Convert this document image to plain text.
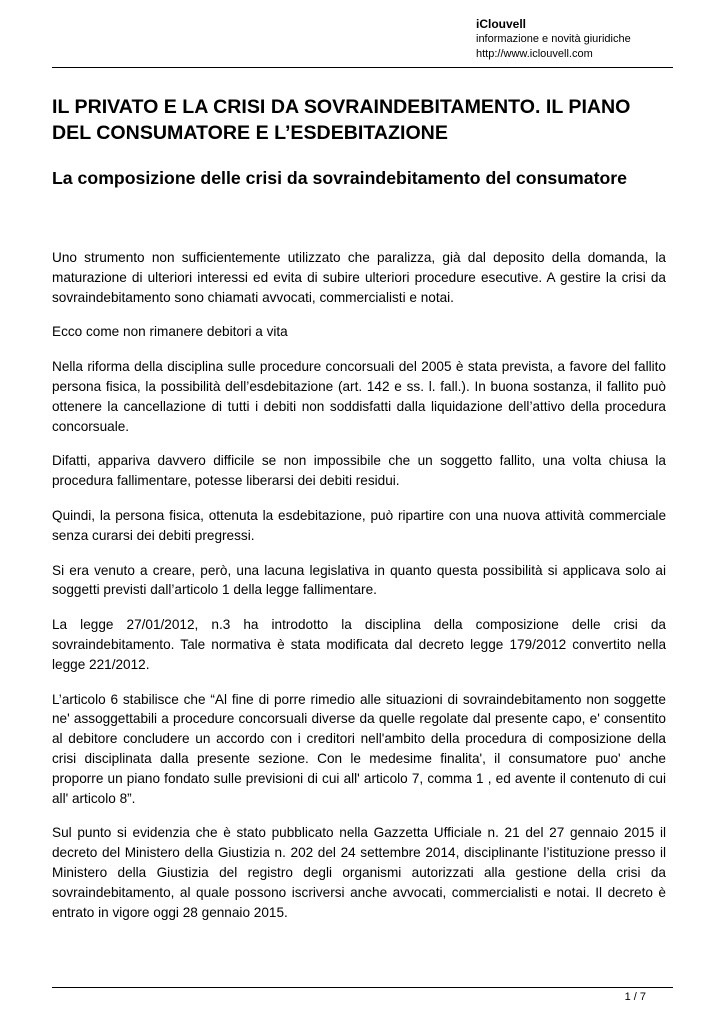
iClouvell
informazione e novità giuridiche
http://www.iclouvell.com
IL PRIVATO E LA CRISI DA SOVRAINDEBITAMENTO. IL PIANO DEL CONSUMATORE E L’ESDEBITAZIONE
La composizione delle crisi da sovraindebitamento del consumatore

Uno strumento non sufficientemente utilizzato che paralizza, già dal deposito della domanda, la maturazione di ulteriori interessi ed evita di subire ulteriori procedure esecutive. A gestire la crisi da sovraindebitamento sono chiamati avvocati, commercialisti e notai.

Ecco come non rimanere debitori a vita

Nella riforma della disciplina sulle procedure concorsuali del 2005 è stata prevista, a favore del fallito persona fisica, la possibilità dell’esdebitazione (art. 142 e ss. l. fall.). In buona sostanza, il fallito può ottenere la cancellazione di tutti i debiti non soddisfatti dalla liquidazione dell’attivo della procedura concorsuale.

Difatti, appariva davvero difficile se non impossibile che un soggetto fallito, una volta chiusa la procedura fallimentare, potesse liberarsi dei debiti residui.

Quindi, la persona fisica, ottenuta la esdebitazione, può ripartire con una nuova attività commerciale senza curarsi dei debiti pregressi.

Si era venuto a creare, però, una lacuna legislativa in quanto questa possibilità si applicava solo ai soggetti previsti dall’articolo 1 della legge fallimentare.

La legge 27/01/2012, n.3 ha introdotto la disciplina della composizione delle crisi da sovraindebitamento. Tale normativa è stata modificata dal decreto legge 179/2012 convertito nella legge 221/2012.

L’articolo 6 stabilisce che “Al fine di porre rimedio alle situazioni di sovraindebitamento non soggette ne' assoggettabili a procedure concorsuali diverse da quelle regolate dal presente capo, e' consentito al debitore concludere un accordo con i creditori nell'ambito della procedura di composizione della crisi disciplinata dalla presente sezione. Con le medesime finalita', il consumatore puo' anche proporre un piano fondato sulle previsioni di cui all' articolo 7, comma 1 , ed avente il contenuto di cui all' articolo 8”.

Sul punto si evidenzia che è stato pubblicato nella Gazzetta Ufficiale n. 21 del 27 gennaio 2015 il decreto del Ministero della Giustizia n. 202 del 24 settembre 2014, disciplinante l’istituzione presso il Ministero della Giustizia del registro degli organismi autorizzati alla gestione della crisi da sovraindebitamento, al quale possono iscriversi anche avvocati, commercialisti e notai. Il decreto è entrato in vigore oggi 28 gennaio 2015.

1 / 7
